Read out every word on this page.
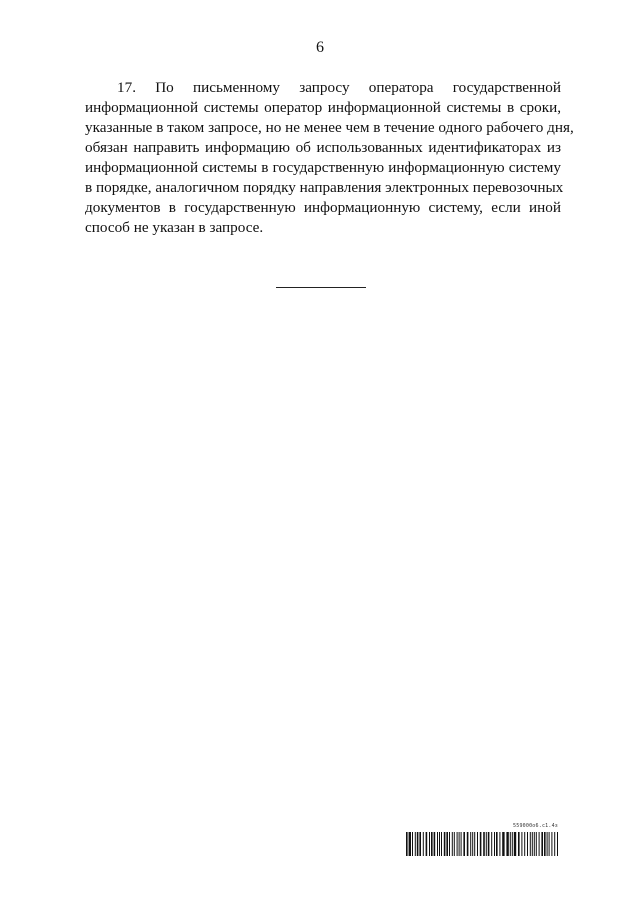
6
17. По письменному запросу оператора государственной
информационной системы оператор информационной системы в сроки,
указанные в таком запросе, но не менее чем в течение одного рабочего дня,
обязан направить информацию об использованных идентификаторах из
информационной системы в государственную информационную систему
в порядке, аналогичном порядку направления электронных перевозочных
документов в государственную информационную систему, если иной
способ не указан в запросе.
559000о6.с1.4з
